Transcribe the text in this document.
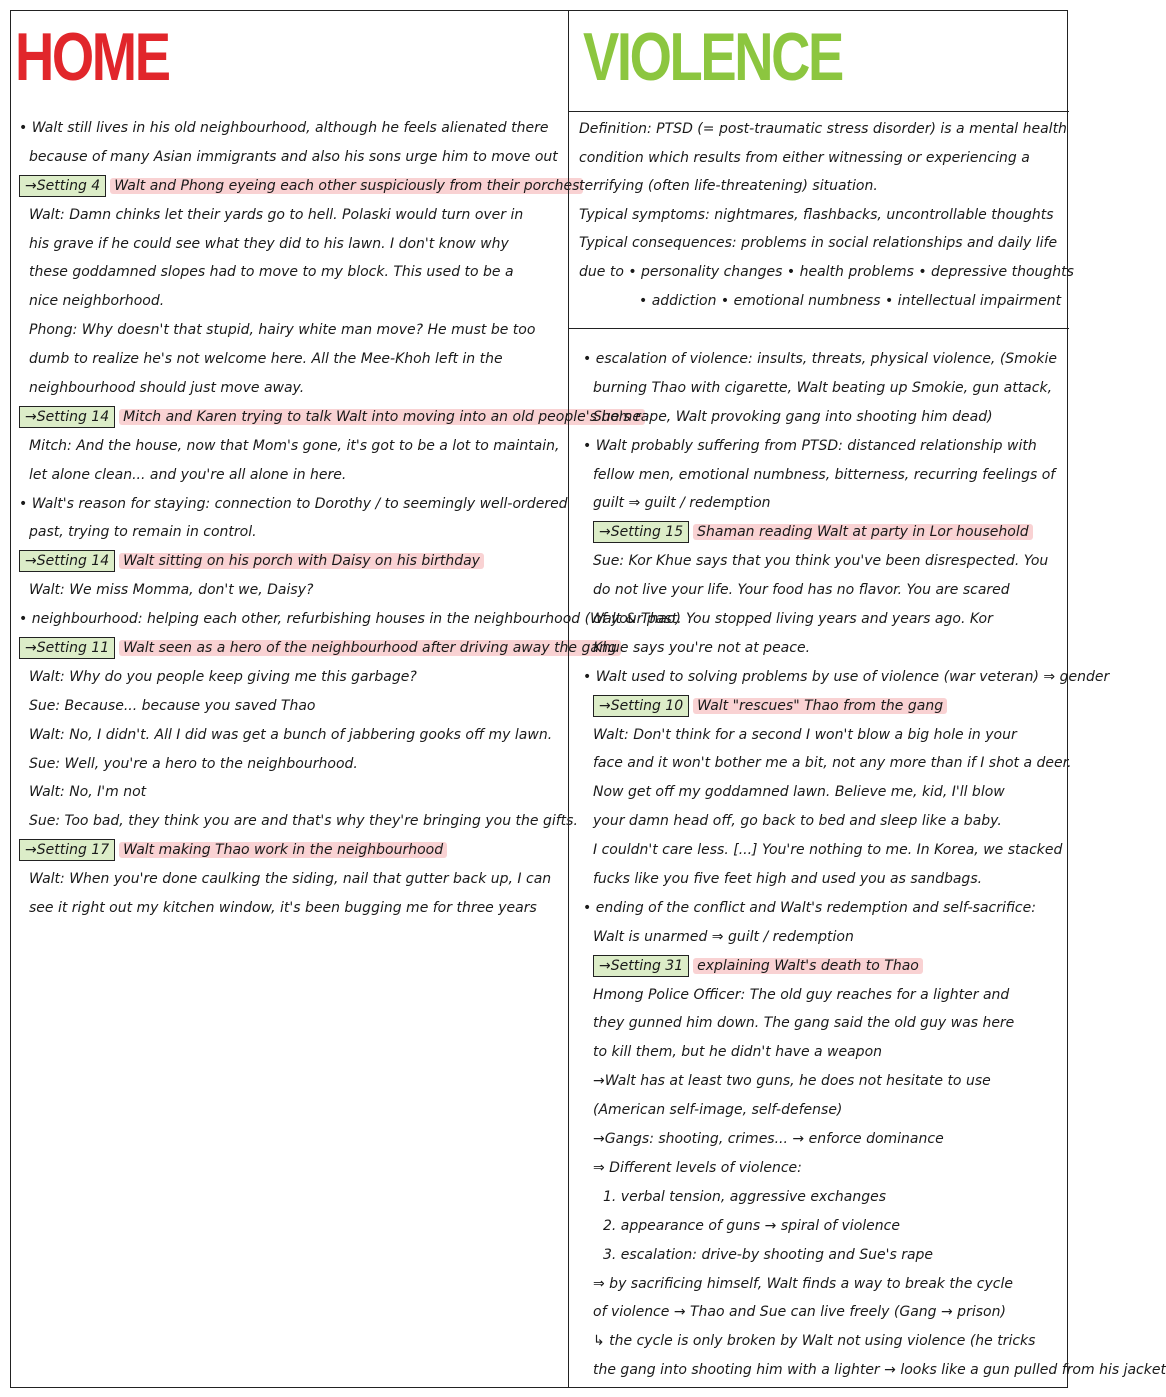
HOME
• Walt still lives in his old neighbourhood, although he feels alienated there
because of many Asian immigrants and also his sons urge him to move out
→Setting 4 Walt and Phong eyeing each other suspiciously from their porches
Walt: Damn chinks let their yards go to hell. Polaski would turn over in
his grave if he could see what they did to his lawn. I don't know why
these goddamned slopes had to move to my block. This used to be a
nice neighborhood.
Phong: Why doesn't that stupid, hairy white man move? He must be too
dumb to realize he's not welcome here. All the Mee-Khoh left in the
neighbourhood should just move away.
→Setting 14 Mitch and Karen trying to talk Walt into moving into an old people's home
Mitch: And the house, now that Mom's gone, it's got to be a lot to maintain,
let alone clean... and you're all alone in here.
• Walt's reason for staying: connection to Dorothy / to seemingly well-ordered
past, trying to remain in control.
→Setting 14 Walt sitting on his porch with Daisy on his birthday
Walt: We miss Momma, don't we, Daisy?
• neighbourhood: helping each other, refurbishing houses in the neighbourhood (Walt & Thao)
→Setting 11 Walt seen as a hero of the neighbourhood after driving away the gang
Walt: Why do you people keep giving me this garbage?
Sue: Because... because you saved Thao
Walt: No, I didn't. All I did was get a bunch of jabbering gooks off my lawn.
Sue: Well, you're a hero to the neighbourhood.
Walt: No, I'm not
Sue: Too bad, they think you are and that's why they're bringing you the gifts.
→Setting 17 Walt making Thao work in the neighbourhood
Walt: When you're done caulking the siding, nail that gutter back up, I can
see it right out my kitchen window, it's been bugging me for three years
VIOLENCE
Definition: PTSD (= post-traumatic stress disorder) is a mental health
condition which results from either witnessing or experiencing a
terrifying (often life-threatening) situation.
Typical symptoms: nightmares, flashbacks, uncontrollable thoughts
Typical consequences: problems in social relationships and daily life
due to • personality changes • health problems • depressive thoughts
• addiction • emotional numbness • intellectual impairment
• escalation of violence: insults, threats, physical violence, (Smokie
burning Thao with cigarette, Walt beating up Smokie, gun attack,
Sue's rape, Walt provoking gang into shooting him dead)
• Walt probably suffering from PTSD: distanced relationship with
fellow men, emotional numbness, bitterness, recurring feelings of
guilt ⇒ guilt / redemption
→Setting 15 Shaman reading Walt at party in Lor household
Sue: Kor Khue says that you think you've been disrespected. You
do not live your life. Your food has no flavor. You are scared
of your past. You stopped living years and years ago. Kor
Khue says you're not at peace.
• Walt used to solving problems by use of violence (war veteran) ⇒ gender
→Setting 10 Walt "rescues" Thao from the gang
Walt: Don't think for a second I won't blow a big hole in your
face and it won't bother me a bit, not any more than if I shot a deer.
Now get off my goddamned lawn. Believe me, kid, I'll blow
your damn head off, go back to bed and sleep like a baby.
I couldn't care less. [...] You're nothing to me. In Korea, we stacked
fucks like you five feet high and used you as sandbags.
• ending of the conflict and Walt's redemption and self-sacrifice:
Walt is unarmed ⇒ guilt / redemption
→Setting 31 explaining Walt's death to Thao
Hmong Police Officer: The old guy reaches for a lighter and
they gunned him down. The gang said the old guy was here
to kill them, but he didn't have a weapon
→Walt has at least two guns, he does not hesitate to use
(American self-image, self-defense)
→Gangs: shooting, crimes... → enforce dominance
⇒ Different levels of violence:
1. verbal tension, aggressive exchanges
2. appearance of guns → spiral of violence
3. escalation: drive-by shooting and Sue's rape
⇒ by sacrificing himself, Walt finds a way to break the cycle
of violence → Thao and Sue can live freely (Gang → prison)
↳ the cycle is only broken by Walt not using violence (he tricks
the gang into shooting him with a lighter → looks like a gun pulled from his jacket
